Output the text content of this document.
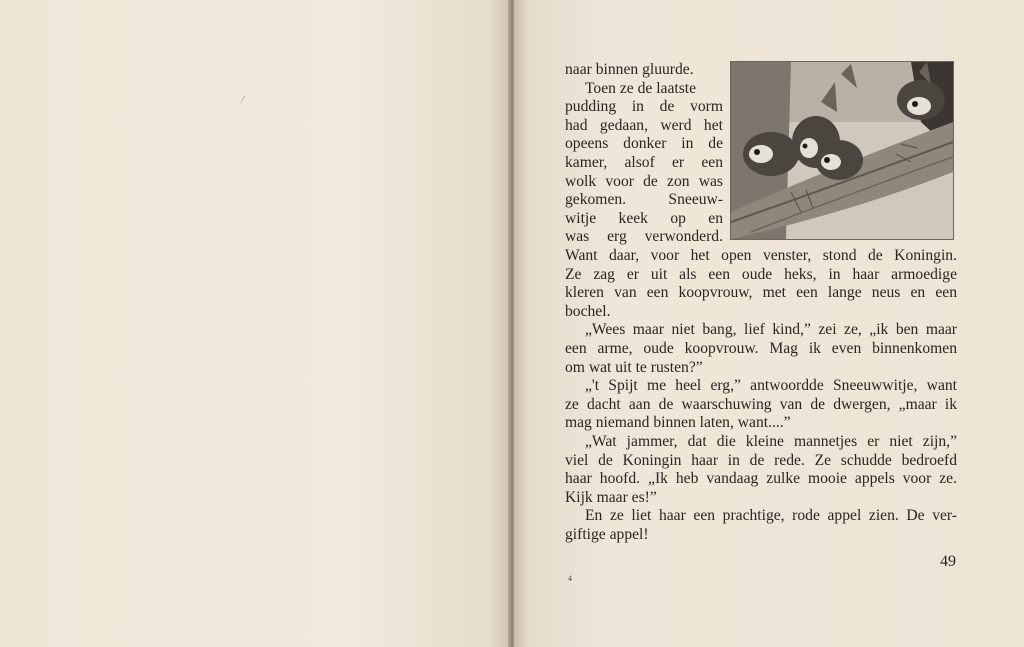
/
naar binnen gluurde.
Toen ze de laatste
pudding in de vorm
had gedaan, werd het
opeens donker in de
kamer, alsof er een
wolk voor de zon was
gekomen. Sneeuw-
witje keek op en
was erg verwonderd.
Want daar, voor het open venster, stond de Koningin.
Ze zag er uit als een oude heks, in haar armoedige
kleren van een koopvrouw, met een lange neus en een
bochel.
„Wees maar niet bang, lief kind,” zei ze, „ik ben maar
een arme, oude koopvrouw. Mag ik even binnenkomen
om wat uit te rusten?”
„'t Spijt me heel erg,” antwoordde Sneeuwwitje, want
ze dacht aan de waarschuwing van de dwergen, „maar ik
mag niemand binnen laten, want....”
„Wat jammer, dat die kleine mannetjes er niet zijn,”
viel de Koningin haar in de rede. Ze schudde bedroefd
haar hoofd. „Ik heb vandaag zulke mooie appels voor ze.
Kijk maar es!”
En ze liet haar een prachtige, rode appel zien. De ver-
giftige appel!
49
4
